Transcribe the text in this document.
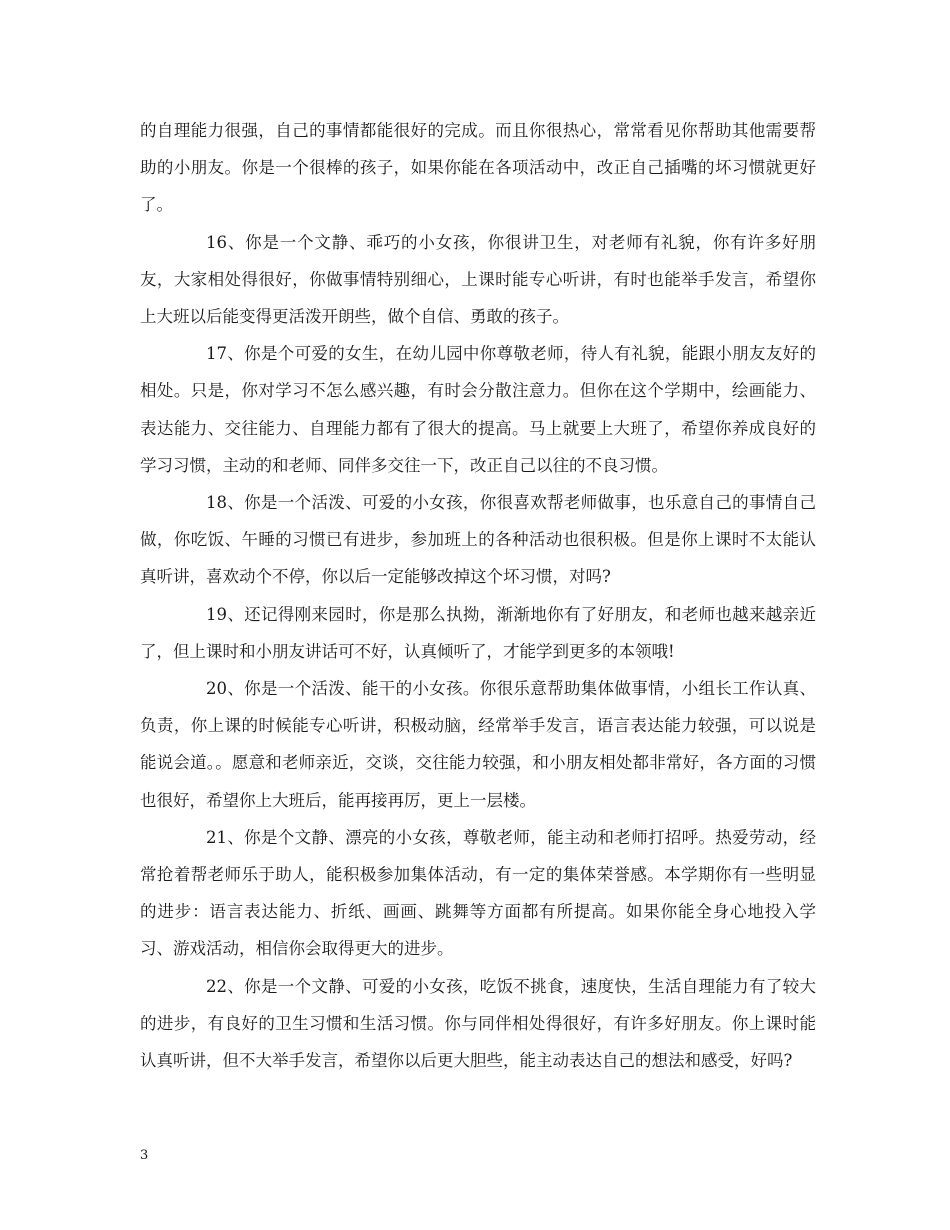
的自理能力很强，自己的事情都能很好的完成。而且你很热心，常常看见你帮助其他需要帮助的小朋友。你是一个很棒的孩子，如果你能在各项活动中，改正自己插嘴的坏习惯就更好了。

16、你是一个文静、乖巧的小女孩，你很讲卫生，对老师有礼貌，你有许多好朋友，大家相处得很好，你做事情特别细心，上课时能专心听讲，有时也能举手发言，希望你上大班以后能变得更活泼开朗些，做个自信、勇敢的孩子。

17、你是个可爱的女生，在幼儿园中你尊敬老师，待人有礼貌，能跟小朋友友好的相处。只是，你对学习不怎么感兴趣，有时会分散注意力。但你在这个学期中，绘画能力、表达能力、交往能力、自理能力都有了很大的提高。马上就要上大班了，希望你养成良好的学习习惯，主动的和老师、同伴多交往一下，改正自己以往的不良习惯。

18、你是一个活泼、可爱的小女孩，你很喜欢帮老师做事，也乐意自己的事情自己做，你吃饭、午睡的习惯已有进步，参加班上的各种活动也很积极。但是你上课时不太能认真听讲，喜欢动个不停，你以后一定能够改掉这个坏习惯，对吗?

19、还记得刚来园时，你是那么执拗，渐渐地你有了好朋友，和老师也越来越亲近了，但上课时和小朋友讲话可不好，认真倾听了，才能学到更多的本领哦!

20、你是一个活泼、能干的小女孩。你很乐意帮助集体做事情，小组长工作认真、负责，你上课的时候能专心听讲，积极动脑，经常举手发言，语言表达能力较强，可以说是能说会道。。愿意和老师亲近，交谈，交往能力较强，和小朋友相处都非常好，各方面的习惯也很好，希望你上大班后，能再接再厉，更上一层楼。

21、你是个文静、漂亮的小女孩，尊敬老师，能主动和老师打招呼。热爱劳动，经常抢着帮老师乐于助人，能积极参加集体活动，有一定的集体荣誉感。本学期你有一些明显的进步：语言表达能力、折纸、画画、跳舞等方面都有所提高。如果你能全身心地投入学习、游戏活动，相信你会取得更大的进步。

22、你是一个文静、可爱的小女孩，吃饭不挑食，速度快，生活自理能力有了较大的进步，有良好的卫生习惯和生活习惯。你与同伴相处得很好，有许多好朋友。你上课时能认真听讲，但不大举手发言，希望你以后更大胆些，能主动表达自己的想法和感受，好吗?

3
